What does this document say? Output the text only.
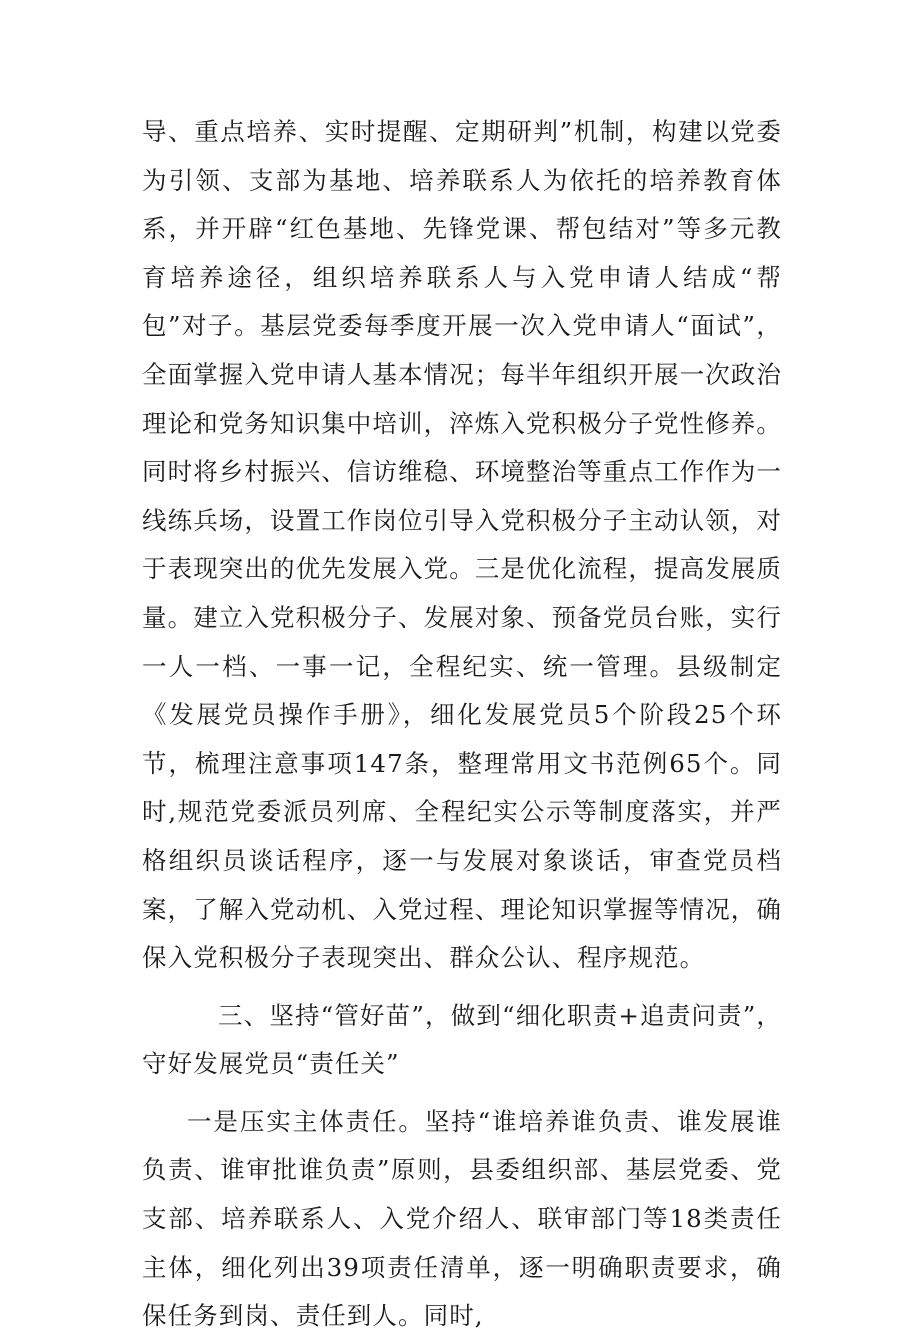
导、重点培养、实时提醒、定期研判”机制，构建以党委为引领、支部为基地、培养联系人为依托的培养教育体系，并开辟“红色基地、先锋党课、帮包结对”等多元教育培养途径，组织培养联系人与入党申请人结成“帮包”对子。基层党委每季度开展一次入党申请人“面试”，全面掌握入党申请人基本情况；每半年组织开展一次政治理论和党务知识集中培训，淬炼入党积极分子党性修养。同时将乡村振兴、信访维稳、环境整治等重点工作作为一线练兵场，设置工作岗位引导入党积极分子主动认领，对于表现突出的优先发展入党。三是优化流程，提高发展质量。建立入党积极分子、发展对象、预备党员台账，实行一人一档、一事一记，全程纪实、统一管理。县级制定《发展党员操作手册》，细化发展党员5个阶段25个环节，梳理注意事项147条，整理常用文书范例65个。同时,规范党委派员列席、全程纪实公示等制度落实，并严格组织员谈话程序，逐一与发展对象谈话，审查党员档案，了解入党动机、入党过程、理论知识掌握等情况，确保入党积极分子表现突出、群众公认、程序规范。

三、坚持“管好苗”，做到“细化职责+追责问责”，守好发展党员“责任关”

一是压实主体责任。坚持“谁培养谁负责、谁发展谁负责、谁审批谁负责”原则，县委组织部、基层党委、党支部、培养联系人、入党介绍人、联审部门等18类责任主体，细化列出39项责任清单，逐一明确职责要求，确保任务到岗、责任到人。同时,
